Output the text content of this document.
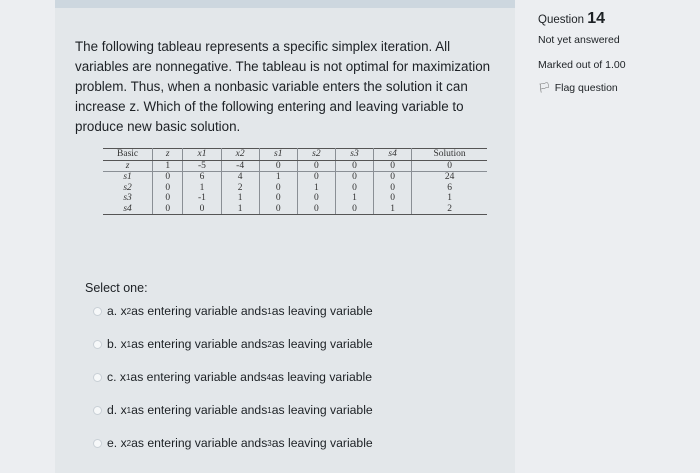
The following tableau represents a specific simplex iteration. All variables are nonnegative. The tableau is not optimal for maximization problem. Thus, when a nonbasic variable enters the solution it can increase z. Which of the following entering and leaving variable to produce new basic solution.
Basic	z	x1	x2	s1	s2	s3	s4	Solution
z	1	-5	-4	0	0	0	0	0
s1	0	6	4	1	0	0	0	24
s2	0	1	2	0	1	0	0	6
s3	0	-1	1	0	0	1	0	1
s4	0	0	1	0	0	0	1	2
Select one:
a.
x 2 as entering variable and s 1 as leaving variable
b.
x 1 as entering variable and s 2 as leaving variable
c.
x 1 as entering variable and s 4 as leaving variable
d.
x 1 as entering variable and s 1 as leaving variable
e.
x 2 as entering variable and s 3 as leaving variable
Question 14
Not yet answered
Marked out of 1.00
🏳 Flag question
